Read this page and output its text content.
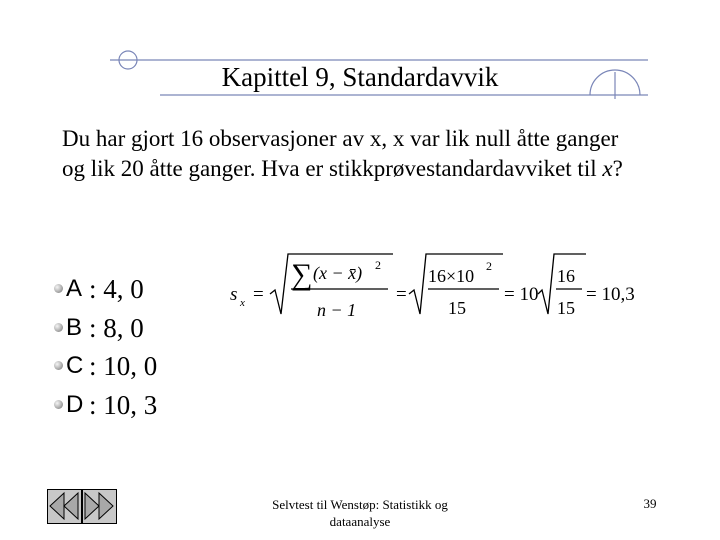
Kapittel 9, Standardavvik
Du har gjort 16 observasjoner av x, x var lik null åtte ganger
og lik 20 åtte ganger. Hva er stikkprøvestandardavviket til x?
A : 4, 0
B : 8, 0
C : 10, 0
D : 10, 3
s x =
∑ (x − x̄) 2
n − 1
=
16×10 2
15
= 10
16
15
= 10,3
Selvtest til Wenstøp: Statistikk og
dataanalyse
39
